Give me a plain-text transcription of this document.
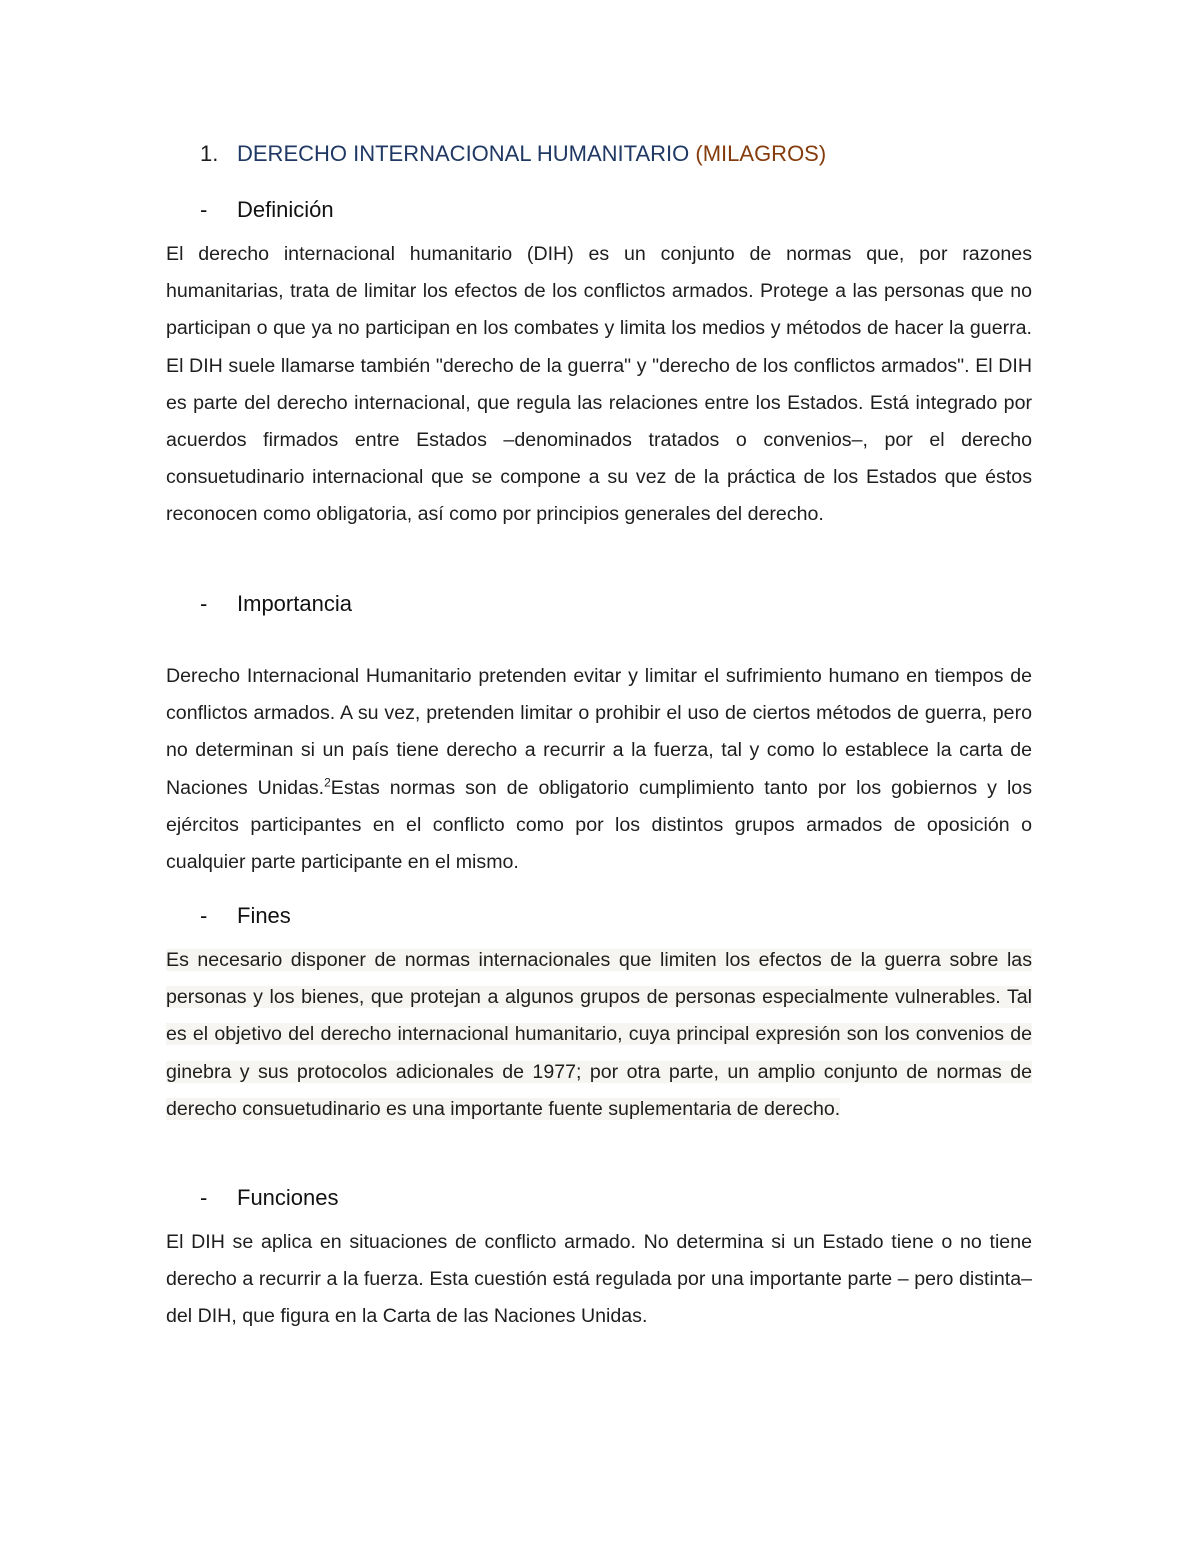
1. DERECHO INTERNACIONAL HUMANITARIO (MILAGROS)
- Definición
El derecho internacional humanitario (DIH) es un conjunto de normas que, por razones humanitarias, trata de limitar los efectos de los conflictos armados. Protege a las personas que no participan o que ya no participan en los combates y limita los medios y métodos de hacer la guerra. El DIH suele llamarse también "derecho de la guerra" y "derecho de los conflictos armados". El DIH es parte del derecho internacional, que regula las relaciones entre los Estados. Está integrado por acuerdos firmados entre Estados –denominados tratados o convenios–, por el derecho consuetudinario internacional que se compone a su vez de la práctica de los Estados que éstos reconocen como obligatoria, así como por principios generales del derecho.
- Importancia
Derecho Internacional Humanitario pretenden evitar y limitar el sufrimiento humano en tiempos de conflictos armados. A su vez, pretenden limitar o prohibir el uso de ciertos métodos de guerra, pero no determinan si un país tiene derecho a recurrir a la fuerza, tal y como lo establece la carta de Naciones Unidas.$^2$Estas normas son de obligatorio cumplimiento tanto por los gobiernos y los ejércitos participantes en el conflicto como por los distintos grupos armados de oposición o cualquier parte participante en el mismo.
- Fines
Es necesario disponer de normas internacionales que limiten los efectos de la guerra sobre las personas y los bienes, que protejan a algunos grupos de personas especialmente vulnerables. Tal es el objetivo del derecho internacional humanitario, cuya principal expresión son los convenios de ginebra y sus protocolos adicionales de 1977; por otra parte, un amplio conjunto de normas de derecho consuetudinario es una importante fuente suplementaria de derecho.
- Funciones
El DIH se aplica en situaciones de conflicto armado. No determina si un Estado tiene o no tiene derecho a recurrir a la fuerza. Esta cuestión está regulada por una importante parte – pero distinta– del DIH, que figura en la Carta de las Naciones Unidas.
